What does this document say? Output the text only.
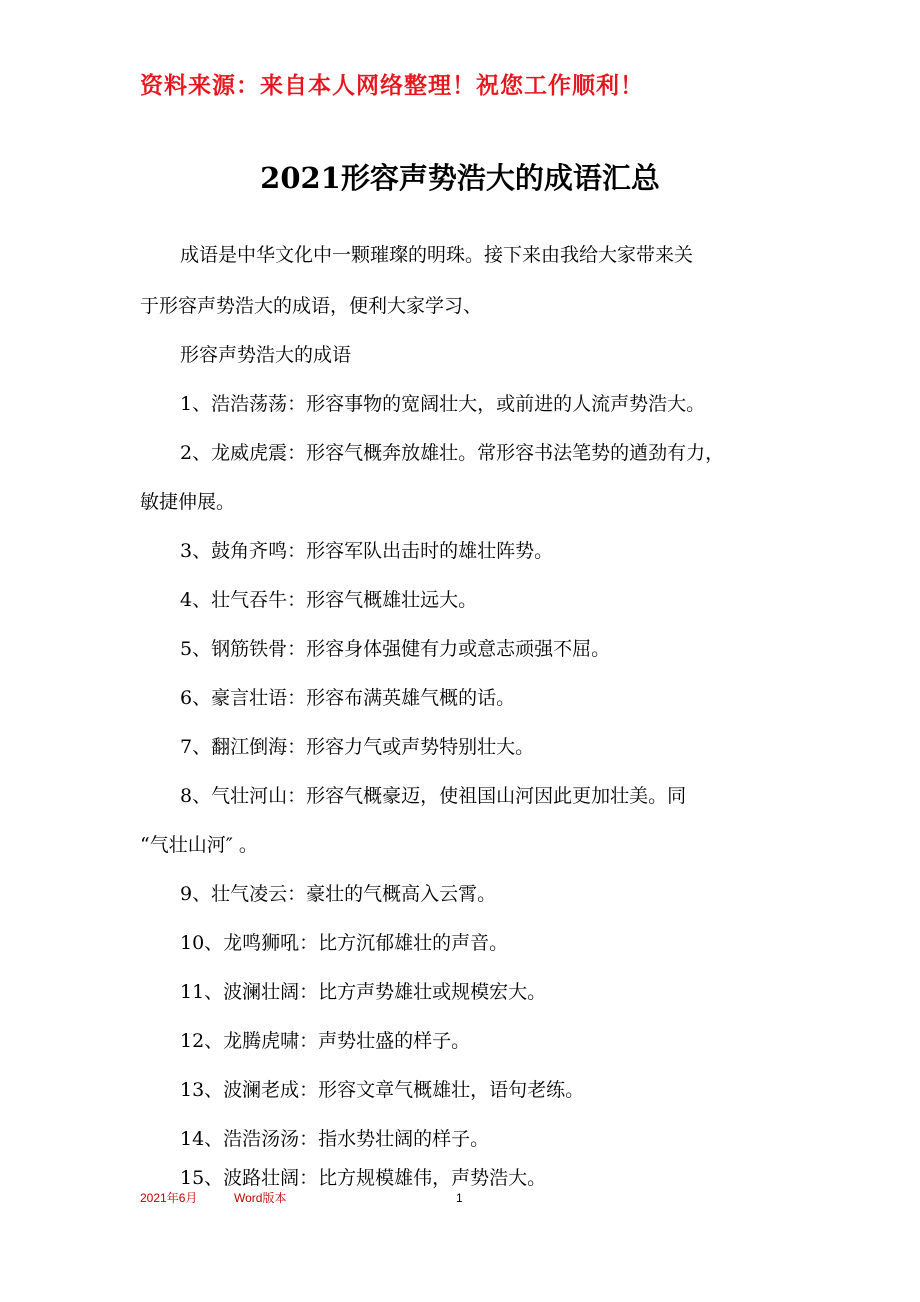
资料来源：来自本人网络整理！祝您工作顺利！
2021形容声势浩大的成语汇总
成语是中华文化中一颗璀璨的明珠。接下来由我给大家带来关
于形容声势浩大的成语，便利大家学习、
形容声势浩大的成语
1、浩浩荡荡：形容事物的宽阔壮大，或前进的人流声势浩大。
2、龙威虎震：形容气概奔放雄壮。常形容书法笔势的遒劲有力，
敏捷伸展。
3、鼓角齐鸣：形容军队出击时的雄壮阵势。
4、壮气吞牛：形容气概雄壮远大。
5、钢筋铁骨：形容身体强健有力或意志顽强不屈。
6、豪言壮语：形容布满英雄气概的话。
7、翻江倒海：形容力气或声势特别壮大。
8、气壮河山：形容气概豪迈，使祖国山河因此更加壮美。同
“气壮山河″ 。
9、壮气凌云：豪壮的气概高入云霄。
10、龙鸣狮吼：比方沉郁雄壮的声音。
11、波澜壮阔：比方声势雄壮或规模宏大。
12、龙腾虎啸：声势壮盛的样子。
13、波澜老成：形容文章气概雄壮，语句老练。
14、浩浩汤汤：指水势壮阔的样子。
15、波路壮阔：比方规模雄伟，声势浩大。
2021年6月	Word版本	1
